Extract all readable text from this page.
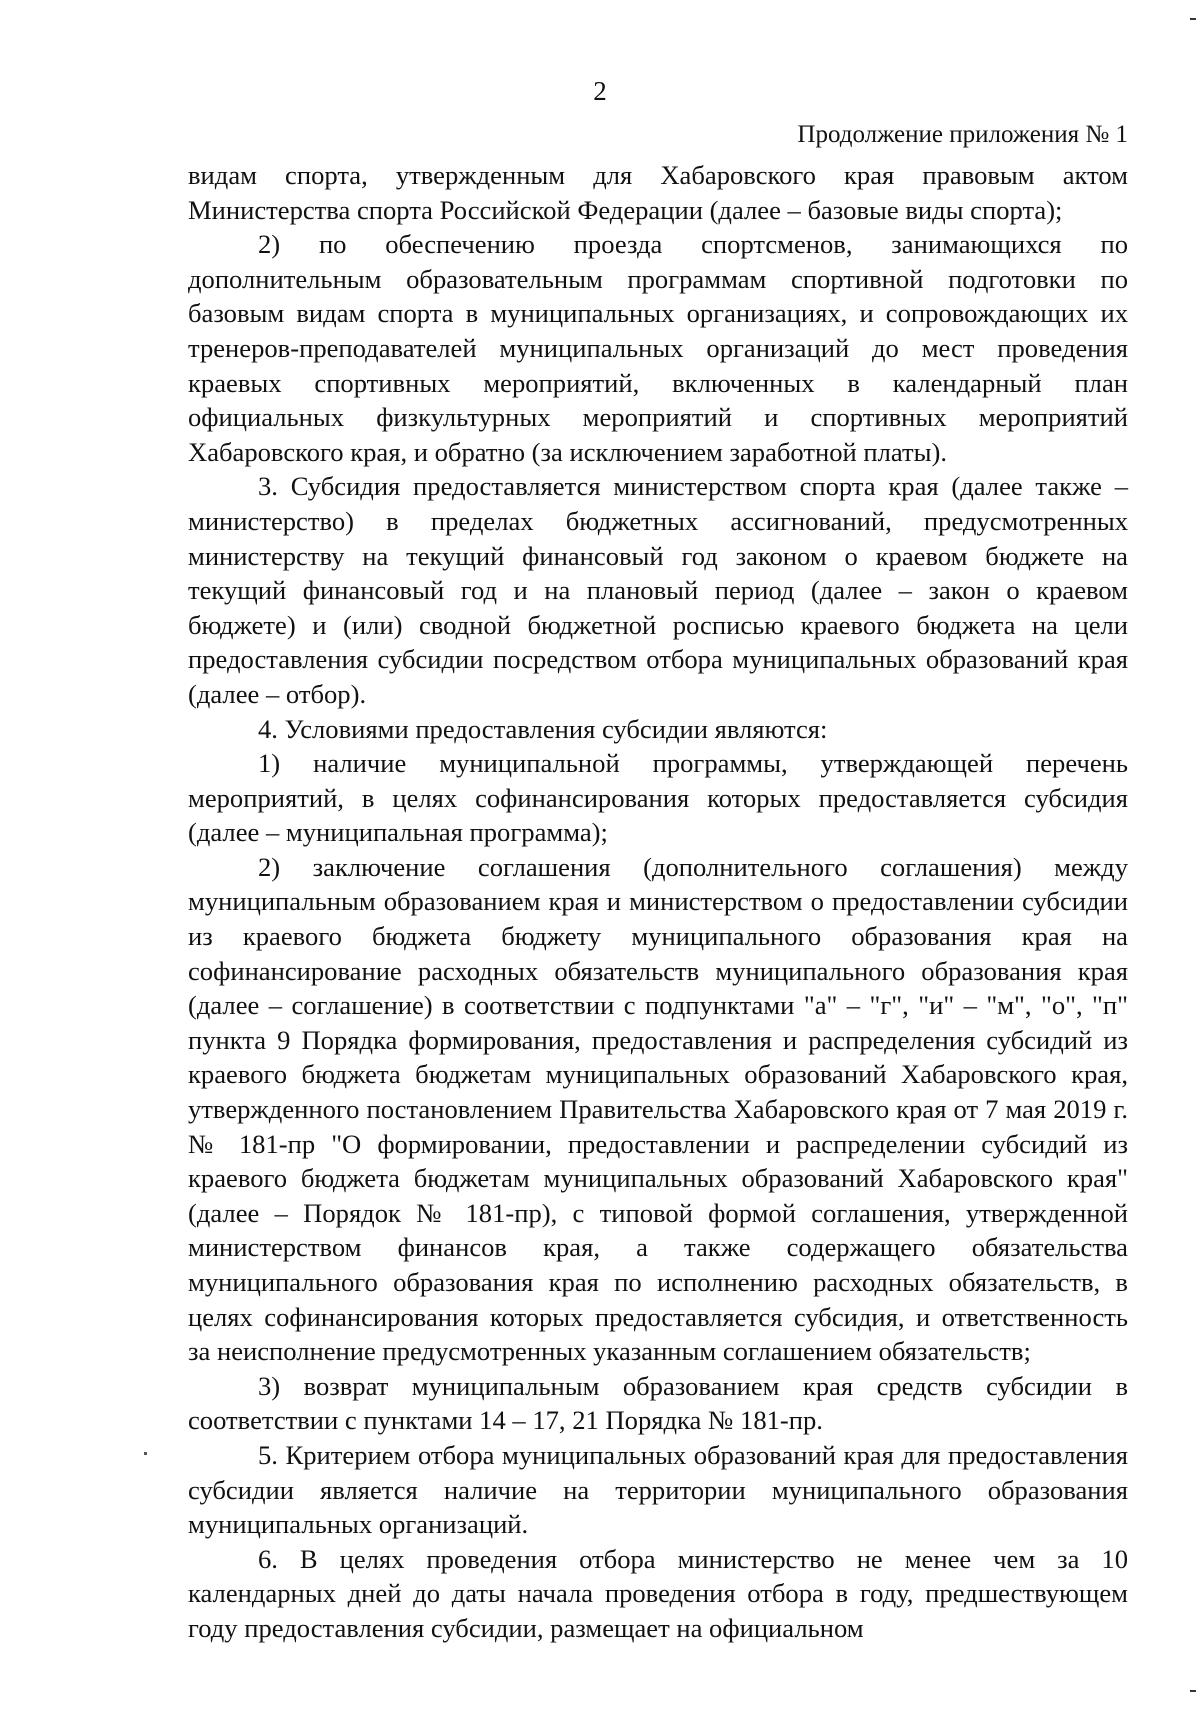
2
Продолжение приложения № 1

видам спорта, утвержденным для Хабаровского края правовым актом Министерства спорта Российской Федерации (далее – базовые виды спорта);

2) по обеспечению проезда спортсменов, занимающихся по дополнительным образовательным программам спортивной подготовки по базовым видам спорта в муниципальных организациях, и сопровождающих их тренеров-преподавателей муниципальных организаций до мест проведения краевых спортивных мероприятий, включенных в календарный план официальных физкультурных мероприятий и спортивных мероприятий Хабаровского края, и обратно (за исключением заработной платы).

3. Субсидия предоставляется министерством спорта края (далее также – министерство) в пределах бюджетных ассигнований, предусмотренных министерству на текущий финансовый год законом о краевом бюджете на текущий финансовый год и на плановый период (далее – закон о краевом бюджете) и (или) сводной бюджетной росписью краевого бюджета на цели предоставления субсидии посредством отбора муниципальных образований края (далее – отбор).

4. Условиями предоставления субсидии являются:

1) наличие муниципальной программы, утверждающей перечень мероприятий, в целях софинансирования которых предоставляется субсидия (далее – муниципальная программа);

2) заключение соглашения (дополнительного соглашения) между муниципальным образованием края и министерством о предоставлении субсидии из краевого бюджета бюджету муниципального образования края на софинансирование расходных обязательств муниципального образования края (далее – соглашение) в соответствии с подпунктами "а" – "г", "и" – "м", "о", "п" пункта 9 Порядка формирования, предоставления и распределения субсидий из краевого бюджета бюджетам муниципальных образований Хабаровского края, утвержденного постановлением Правительства Хабаровского края от 7 мая 2019 г. № 181-пр "О формировании, предоставлении и распределении субсидий из краевого бюджета бюджетам муниципальных образований Хабаровского края" (далее – Порядок № 181-пр), с типовой формой соглашения, утвержденной министерством финансов края, а также содержащего обязательства муниципального образования края по исполнению расходных обязательств, в целях софинансирования которых предоставляется субсидия, и ответственность за неисполнение предусмотренных указанным соглашением обязательств;

3) возврат муниципальным образованием края средств субсидии в соответствии с пунктами 14 – 17, 21 Порядка № 181-пр.

5. Критерием отбора муниципальных образований края для предоставления субсидии является наличие на территории муниципального образования муниципальных организаций.

6. В целях проведения отбора министерство не менее чем за 10 календарных дней до даты начала проведения отбора в году, предшествующем году предоставления субсидии, размещает на официальном
